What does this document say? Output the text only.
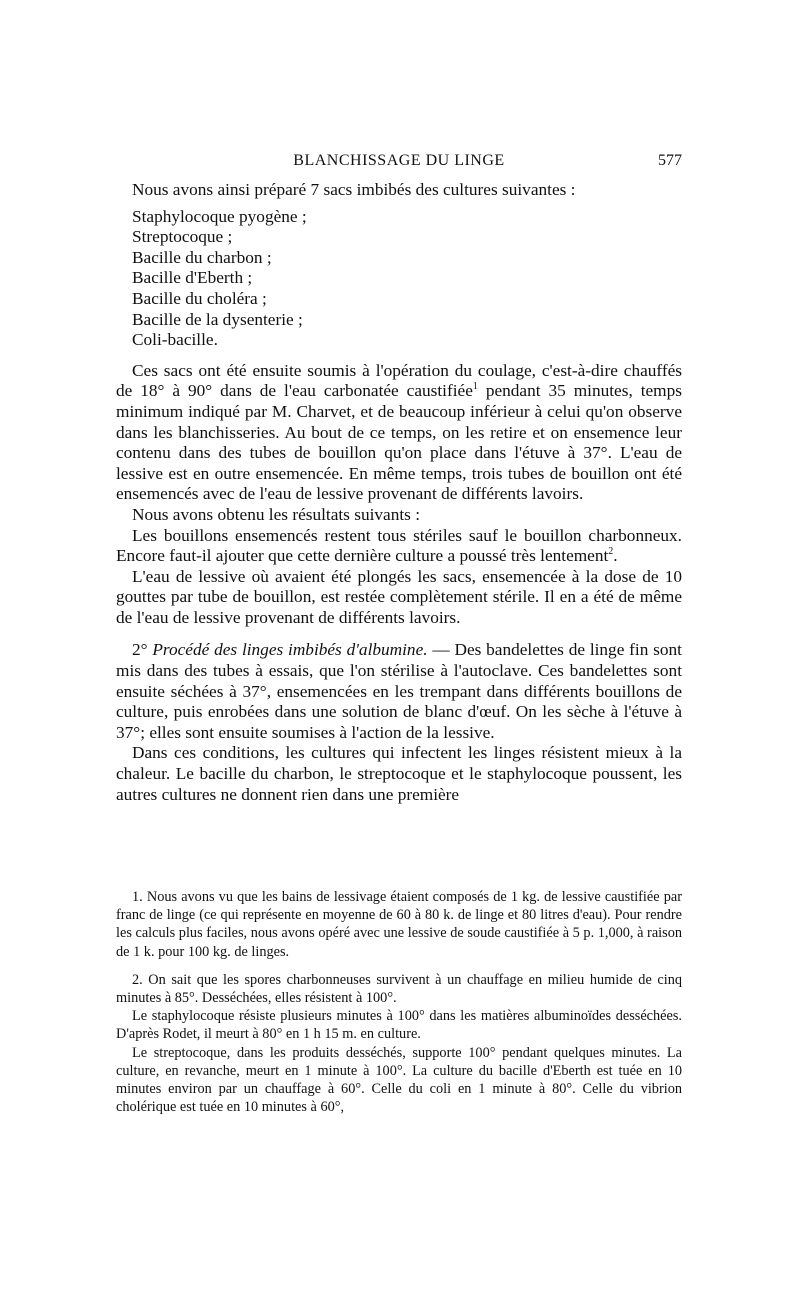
BLANCHISSAGE DU LINGE	577

Nous avons ainsi préparé 7 sacs imbibés des cultures suivantes :

Staphylocoque pyogène ;
Streptocoque ;
Bacille du charbon ;
Bacille d'Eberth ;
Bacille du choléra ;
Bacille de la dysenterie ;
Coli-bacille.

Ces sacs ont été ensuite soumis à l'opération du coulage, c'est-à-dire chauffés de 18° à 90° dans de l'eau carbonatée caustifiée$^1$ pendant 35 minutes, temps minimum indiqué par M. Charvet, et de beaucoup inférieur à celui qu'on observe dans les blanchisseries. Au bout de ce temps, on les retire et on ensemence leur contenu dans des tubes de bouillon qu'on place dans l'étuve à 37°. L'eau de lessive est en outre ensemencée. En même temps, trois tubes de bouillon ont été ensemencés avec de l'eau de lessive provenant de différents lavoirs.

Nous avons obtenu les résultats suivants :

Les bouillons ensemencés restent tous stériles sauf le bouillon charbonneux. Encore faut-il ajouter que cette dernière culture a poussé très lentement$^2$.

L'eau de lessive où avaient été plongés les sacs, ensemencée à la dose de 10 gouttes par tube de bouillon, est restée complètement stérile. Il en a été de même de l'eau de lessive provenant de différents lavoirs.

2° Procédé des linges imbibés d'albumine. — Des bandelettes de linge fin sont mis dans des tubes à essais, que l'on stérilise à l'autoclave. Ces bandelettes sont ensuite séchées à 37°, ensemencées en les trempant dans différents bouillons de culture, puis enrobées dans une solution de blanc d'œuf. On les sèche à l'étuve à 37°; elles sont ensuite soumises à l'action de la lessive.

Dans ces conditions, les cultures qui infectent les linges résistent mieux à la chaleur. Le bacille du charbon, le streptocoque et le staphylocoque poussent, les autres cultures ne donnent rien dans une première

1. Nous avons vu que les bains de lessivage étaient composés de 1 kg. de lessive caustifiée par franc de linge (ce qui représente en moyenne de 60 à 80 k. de linge et 80 litres d'eau). Pour rendre les calculs plus faciles, nous avons opéré avec une lessive de soude caustifiée à 5 p. 1,000, à raison de 1 k. pour 100 kg. de linges.

2. On sait que les spores charbonneuses survivent à un chauffage en milieu humide de cinq minutes à 85°. Desséchées, elles résistent à 100°.

Le staphylocoque résiste plusieurs minutes à 100° dans les matières albuminoïdes desséchées. D'après Rodet, il meurt à 80° en 1 h 15 m. en culture.

Le streptocoque, dans les produits desséchés, supporte 100° pendant quelques minutes. La culture, en revanche, meurt en 1 minute à 100°. La culture du bacille d'Eberth est tuée en 10 minutes environ par un chauffage à 60°. Celle du coli en 1 minute à 80°. Celle du vibrion cholérique est tuée en 10 minutes à 60°,
